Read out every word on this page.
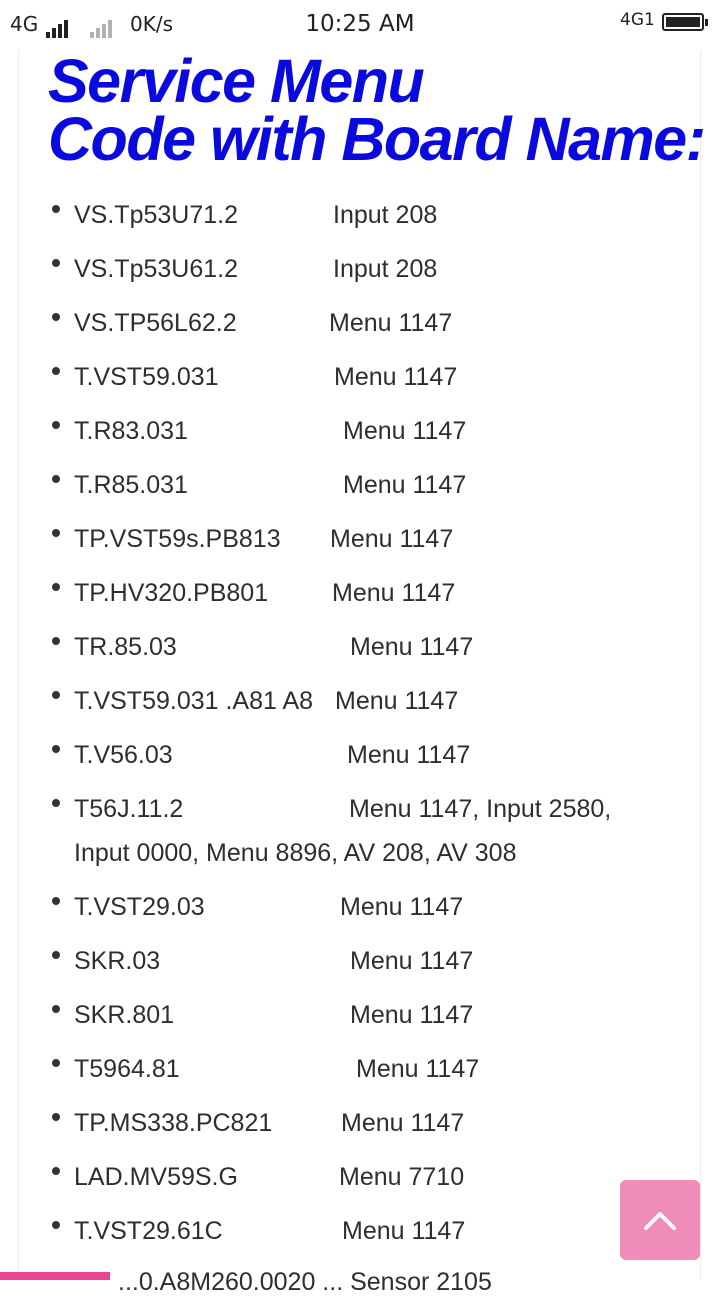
4G	0K/s	10:25 AM	4G1
Service Menu
Code with Board Name:
VS.Tp53U71.2	Input 208
VS.Tp53U61.2	Input 208
VS.TP56L62.2	Menu 1147
T.VST59.031	Menu 1147
T.R83.031	Menu 1147
T.R85.031	Menu 1147
TP.VST59s.PB813 Menu 1147
TP.HV320.PB801	Menu 1147
TR.85.03	Menu 1147
T.VST59.031 .A81 A8 Menu 1147
T.V56.03	Menu 1147
T56J.11.2	Menu 1147, Input 2580,
Input 0000, Menu 8896, AV 208, AV 308
T.VST29.03	Menu 1147
SKR.03	Menu 1147
SKR.801	Menu 1147
T5964.81	Menu 1147
TP.MS338.PC821	Menu 1147
LAD.MV59S.G	Menu 7710
T.VST29.61C	Menu 1147
...0.A8M260.0020 ... Sensor 2105
